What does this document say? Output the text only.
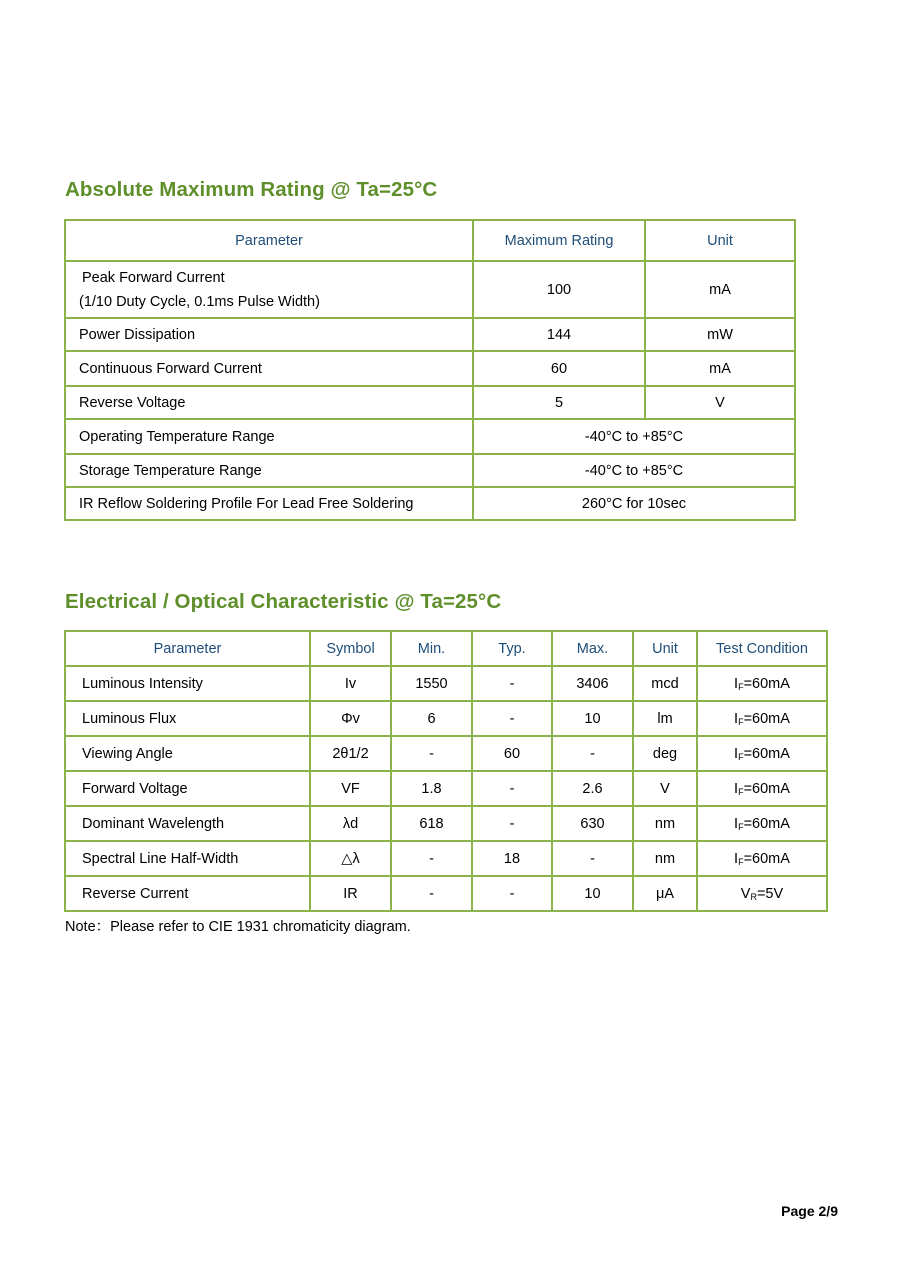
Absolute Maximum Rating @ Ta=25°C
Parameter	Maximum Rating	Unit

Peak Forward Current
(1/10 Duty Cycle, 0.1ms Pulse Width)	100	mA
Power Dissipation	144	mW
Continuous Forward Current	60	mA
Reverse Voltage	5	V
Operating Temperature Range	-40°C to +85°C	
Storage Temperature Range	-40°C to +85°C	
IR Reflow Soldering Profile For Lead Free Soldering	260°C for 10sec	
Electrical / Optical Characteristic @ Ta=25°C
Parameter	Symbol	Min.	Typ.	Max.	Unit	Test Condition
Luminous Intensity	Iv	1550	-	3406	mcd	$I_F=60mA$
Luminous Flux	Φv	6	-	10	lm	$I_F=60mA$
Viewing Angle	2θ1/2	-	60	-	deg	$I_F=60mA$
Forward Voltage	VF	1.8	-	2.6	V	$I_F=60mA$
Dominant Wavelength	λd	618	-	630	nm	$I_F=60mA$
Spectral Line Half-Width	△λ	-	18	-	nm	$I_F=60mA$
Reverse Current	IR	-	-	10	μA	$V_R=5V$
Note：Please refer to CIE 1931 chromaticity diagram.
Page 2/9
